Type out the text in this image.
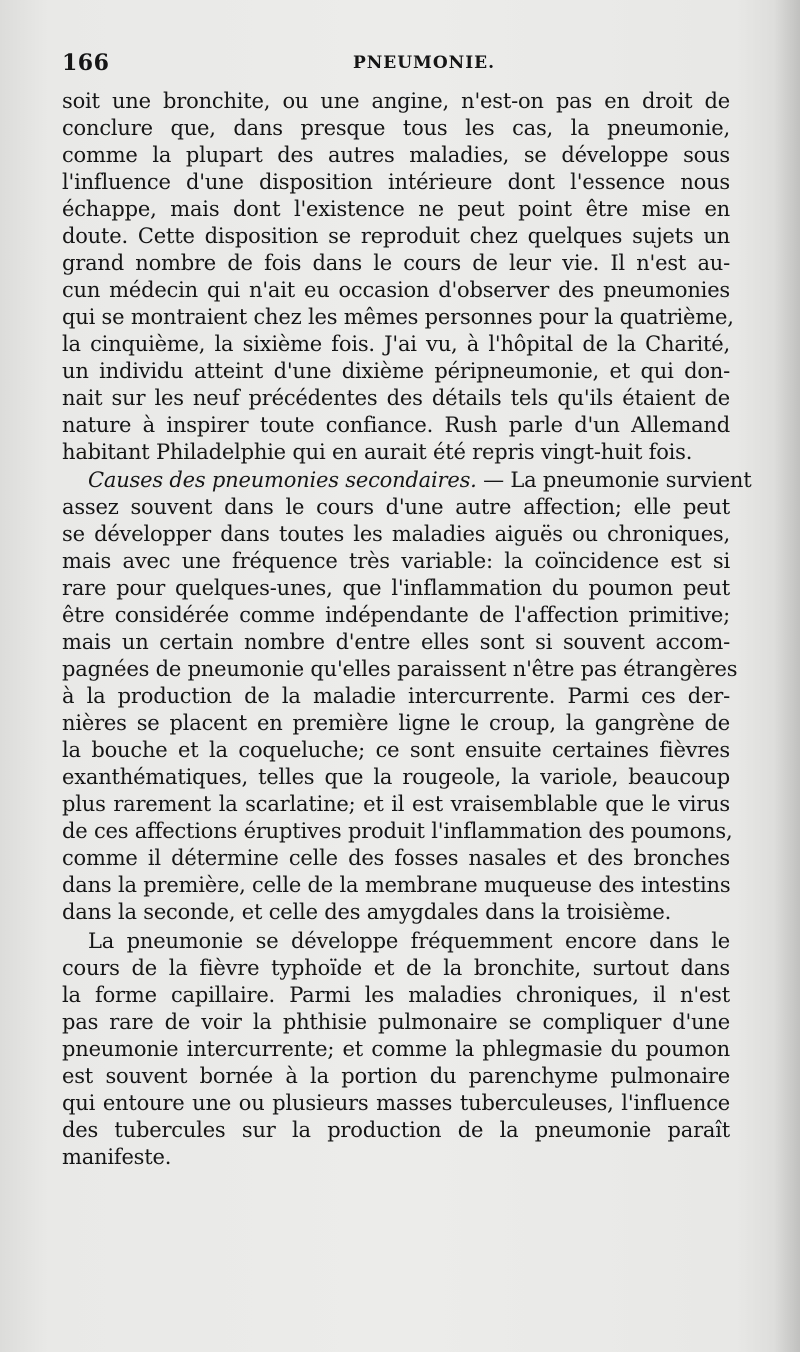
166	PNEUMONIE.
soit une bronchite, ou une angine, n'est-on pas en droit de
conclure que, dans presque tous les cas, la pneumonie,
comme la plupart des autres maladies, se développe sous
l'influence d'une disposition intérieure dont l'essence nous
échappe, mais dont l'existence ne peut point être mise en
doute. Cette disposition se reproduit chez quelques sujets un
grand nombre de fois dans le cours de leur vie. Il n'est au-
cun médecin qui n'ait eu occasion d'observer des pneumonies
qui se montraient chez les mêmes personnes pour la quatrième,
la cinquième, la sixième fois. J'ai vu, à l'hôpital de la Charité,
un individu atteint d'une dixième péripneumonie, et qui don-
nait sur les neuf précédentes des détails tels qu'ils étaient de
nature à inspirer toute confiance. Rush parle d'un Allemand
habitant Philadelphie qui en aurait été repris vingt-huit fois.
Causes des pneumonies secondaires. — La pneumonie survient
assez souvent dans le cours d'une autre affection; elle peut
se développer dans toutes les maladies aiguës ou chroniques,
mais avec une fréquence très variable: la coïncidence est si
rare pour quelques-unes, que l'inflammation du poumon peut
être considérée comme indépendante de l'affection primitive;
mais un certain nombre d'entre elles sont si souvent accom-
pagnées de pneumonie qu'elles paraissent n'être pas étrangères
à la production de la maladie intercurrente. Parmi ces der-
nières se placent en première ligne le croup, la gangrène de
la bouche et la coqueluche; ce sont ensuite certaines fièvres
exanthématiques, telles que la rougeole, la variole, beaucoup
plus rarement la scarlatine; et il est vraisemblable que le virus
de ces affections éruptives produit l'inflammation des poumons,
comme il détermine celle des fosses nasales et des bronches
dans la première, celle de la membrane muqueuse des intestins
dans la seconde, et celle des amygdales dans la troisième.
La pneumonie se développe fréquemment encore dans le
cours de la fièvre typhoïde et de la bronchite, surtout dans
la forme capillaire. Parmi les maladies chroniques, il n'est
pas rare de voir la phthisie pulmonaire se compliquer d'une
pneumonie intercurrente; et comme la phlegmasie du poumon
est souvent bornée à la portion du parenchyme pulmonaire
qui entoure une ou plusieurs masses tuberculeuses, l'influence
des tubercules sur la production de la pneumonie paraît
manifeste.
